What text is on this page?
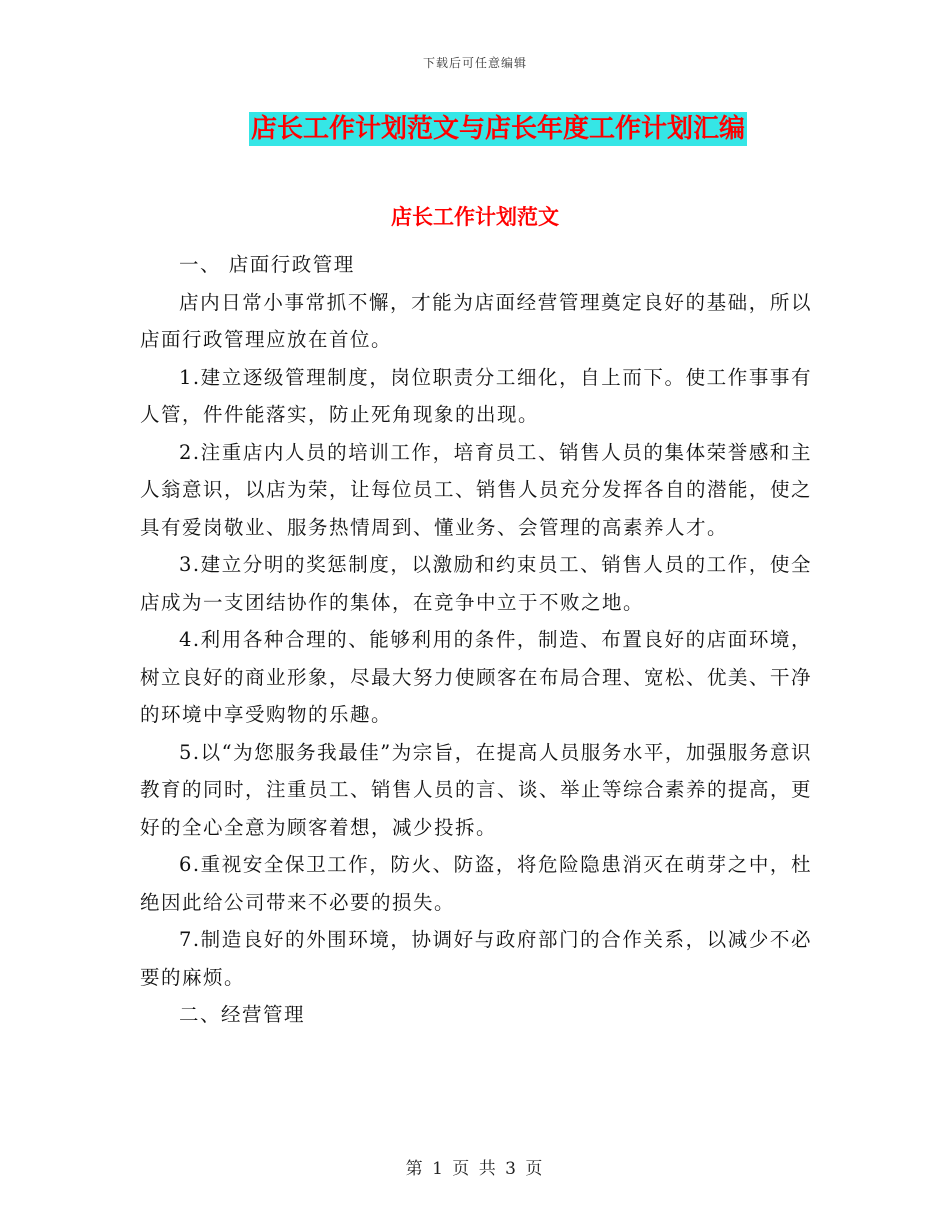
下载后可任意编辑
店长工作计划范文与店长年度工作计划汇编
店长工作计划范文

一、 店面行政管理

店内日常小事常抓不懈，才能为店面经营管理奠定良好的基础，所以店面行政管理应放在首位。

1.建立逐级管理制度，岗位职责分工细化，自上而下。使工作事事有人管，件件能落实，防止死角现象的出现。

2.注重店内人员的培训工作，培育员工、销售人员的集体荣誉感和主人翁意识，以店为荣，让每位员工、销售人员充分发挥各自的潜能，使之具有爱岗敬业、服务热情周到、懂业务、会管理的高素养人才。

3.建立分明的奖惩制度，以激励和约束员工、销售人员的工作，使全店成为一支团结协作的集体，在竞争中立于不败之地。

4.利用各种合理的、能够利用的条件，制造、布置良好的店面环境，树立良好的商业形象，尽最大努力使顾客在布局合理、宽松、优美、干净的环境中享受购物的乐趣。

5.以“为您服务我最佳”为宗旨，在提高人员服务水平，加强服务意识教育的同时，注重员工、销售人员的言、谈、举止等综合素养的提高，更好的全心全意为顾客着想，减少投拆。

6.重视安全保卫工作，防火、防盗，将危险隐患消灭在萌芽之中，杜绝因此给公司带来不必要的损失。

7.制造良好的外围环境，协调好与政府部门的合作关系，以减少不必要的麻烦。

二、经营管理

第 1 页 共 3 页
